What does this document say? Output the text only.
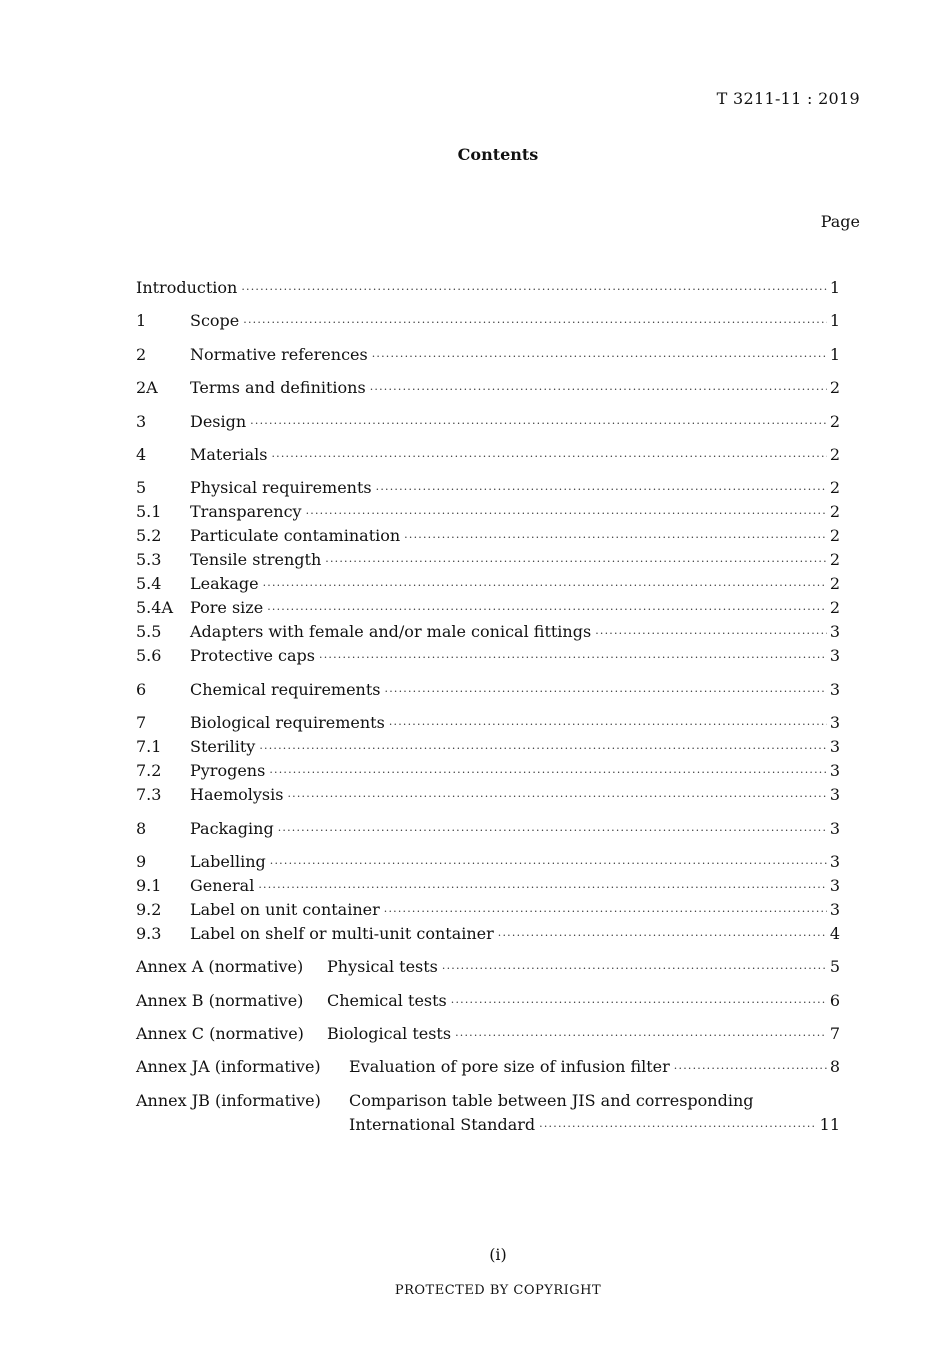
T 3211-11 : 2019
Contents
Page
Introduction ·····	1
1	Scope ·····	1
2	Normative references ·····	1
2A	Terms and definitions ·····	2
3	Design ·····	2
4	Materials ·····	2
5	Physical requirements ·····	2
5.1	Transparency ·····	2
5.2	Particulate contamination ·····	2
5.3	Tensile strength ·····	2
5.4	Leakage ·····	2
5.4A	Pore size ·····	2
5.5	Adapters with female and/or male conical fittings ·····	3
5.6	Protective caps ·····	3
6	Chemical requirements ·····	3
7	Biological requirements ·····	3
7.1	Sterility ·····	3
7.2	Pyrogens ·····	3
7.3	Haemolysis ·····	3
8	Packaging ·····	3
9	Labelling ·····	3
9.1	General ·····	3
9.2	Label on unit container ·····	3
9.3	Label on shelf or multi-unit container ·····	4
Annex A (normative)	Physical tests ·····	5
Annex B (normative)	Chemical tests ·····	6
Annex C (normative)	Biological tests ·····	7
Annex JA (informative)	Evaluation of pore size of infusion filter ·····	8
Annex JB (informative)	Comparison table between JIS and corresponding
International Standard ·····	11
(i)
PROTECTED BY COPYRIGHT
